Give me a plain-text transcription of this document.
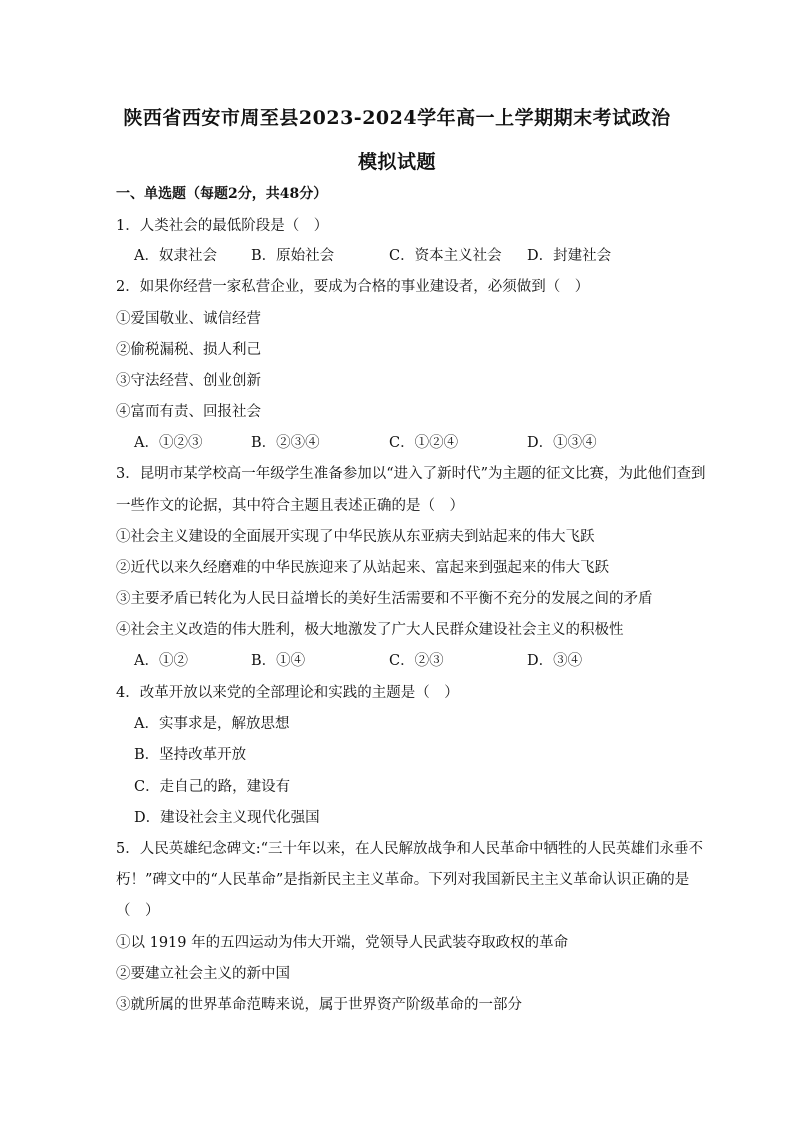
陕西省西安市周至县2023-2024学年高一上学期期末考试政治
模拟试题
一、单选题（每题2分，共48分）
1．人类社会的最低阶段是（　）
A．奴隶社会 B．原始社会	C．资本主义社会 D．封建社会
2．如果你经营一家私营企业，要成为合格的事业建设者，必须做到（　）
①爱国敬业、诚信经营
②偷税漏税、损人利己
③守法经营、创业创新
④富而有责、回报社会
A．①②③	B．②③④	C．①②④	D．①③④
3．昆明市某学校高一年级学生准备参加以“进入了新时代”为主题的征文比赛，为此他们查到
一些作文的论据，其中符合主题且表述正确的是（　）
①社会主义建设的全面展开实现了中华民族从东亚病夫到站起来的伟大飞跃
②近代以来久经磨难的中华民族迎来了从站起来、富起来到强起来的伟大飞跃
③主要矛盾已转化为人民日益增长的美好生活需要和不平衡不充分的发展之间的矛盾
④社会主义改造的伟大胜利，极大地激发了广大人民群众建设社会主义的积极性
A．①②	B．①④	C．②③	D．③④
4．改革开放以来党的全部理论和实践的主题是（　）
A．实事求是，解放思想
B．坚持改革开放
C．走自己的路，建设有
D．建设社会主义现代化强国
5．人民英雄纪念碑文:“三十年以来，在人民解放战争和人民革命中牺牲的人民英雄们永垂不
朽！”碑文中的“人民革命”是指新民主主义革命。下列对我国新民主主义革命认识正确的是
（　）
①以 1919 年的五四运动为伟大开端，党领导人民武装夺取政权的革命
②要建立社会主义的新中国
③就所属的世界革命范畴来说，属于世界资产阶级革命的一部分
